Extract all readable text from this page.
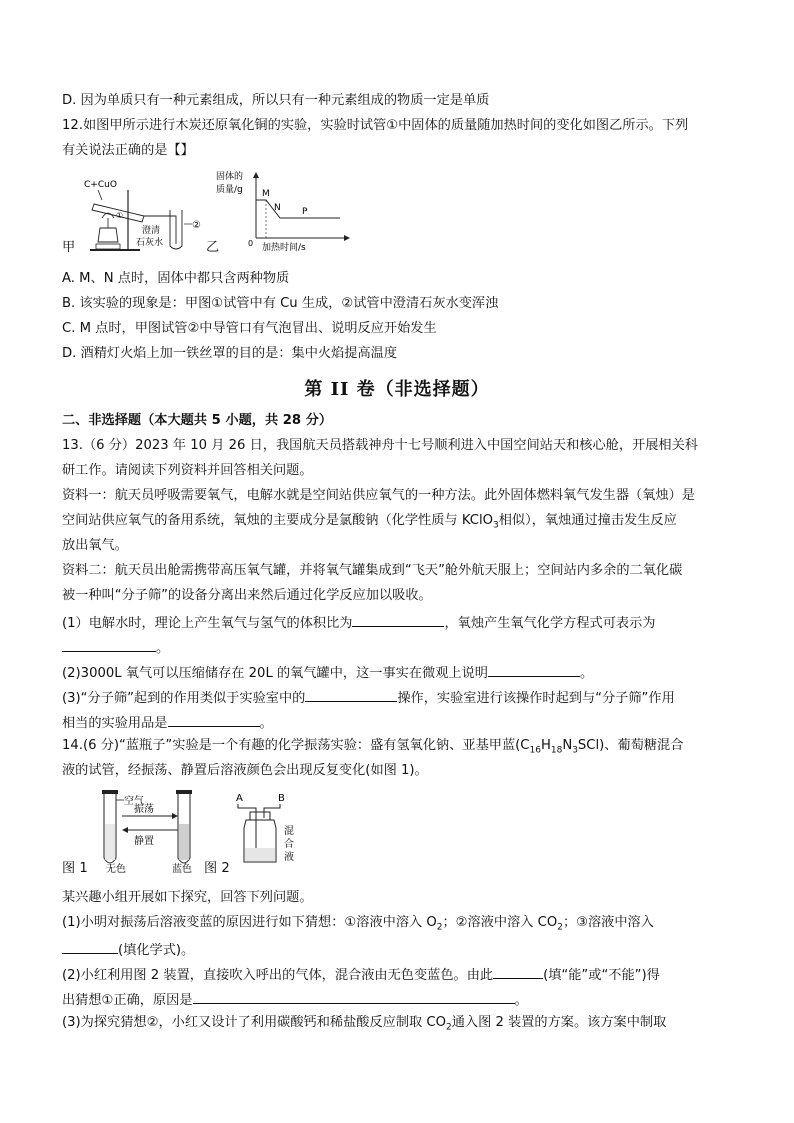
D. 因为单质只有一种元素组成，所以只有一种元素组成的物质一定是单质
12.如图甲所示进行木炭还原氧化铜的实验，实验时试管①中固体的质量随加热时间的变化如图乙所示。下列
有关说法正确的是【】
C+CuO
①
澄清
石灰水
②
甲
固体的
质量/g
0 加热时间/s
M
N P
乙
A. M、N 点时，固体中都只含两种物质
B. 该实验的现象是：甲图①试管中有 Cu 生成，②试管中澄清石灰水变浑浊
C. M 点时，甲图试管②中导管口有气泡冒出、说明反应开始发生
D. 酒精灯火焰上加一铁丝罩的目的是：集中火焰提高温度
第 II 卷（非选择题）
二、非选择题（本大题共 5 小题，共 28 分）
13.（6 分）2023 年 10 月 26 日，我国航天员搭载神舟十七号顺利进入中国空间站天和核心舱，开展相关科
研工作。请阅读下列资料并回答相关问题。
资料一：航天员呼吸需要氧气，电解水就是空间站供应氧气的一种方法。此外固体燃料氧气发生器（氧烛）是
空间站供应氧气的备用系统，氧烛的主要成分是氯酸钠（化学性质与 KClO$_3$相似），氧烛通过撞击发生反应
放出氧气。
资料二：航天员出舱需携带高压氧气罐，并将氧气罐集成到“飞天”舱外航天服上；空间站内多余的二氧化碳
被一种叫“分子筛”的设备分离出来然后通过化学反应加以吸收。
(1）电解水时，理论上产生氧气与氢气的体积比为	，氧烛产生氧气化学方程式可表示为
。
(2)3000L 氧气可以压缩储存在 20L 的氧气罐中，这一事实在微观上说明	。
(3)“分子筛”起到的作用类似于实验室中的	操作，实验室进行该操作时起到与“分子筛”作用
相当的实验用品是	。
14.(6 分)“蓝瓶子”实验是一个有趣的化学振荡实验：盛有氢氧化钠、亚基甲蓝$(C_{16}H_{18}N_3SCl)$、葡萄糖混合
液的试管，经振荡、静置后溶液颜色会出现反复变化(如图 1)。
空气
振荡
静置
无色	蓝色
图 1
A	B
混
合
液
图 2
某兴趣小组开展如下探究，回答下列问题。
(1)小明对振荡后溶液变蓝的原因进行如下猜想：①溶液中溶入 $O_2$；②溶液中溶入 $CO_2$；③溶液中溶入
(填化学式)。
(2)小红利用图 2 装置，直接吹入呼出的气体，混合液由无色变蓝色。由此	(填“能”或“不能”)得
出猜想①正确，原因是	。
(3)为探究猜想②，小红又设计了利用碳酸钙和稀盐酸反应制取 $CO_2$通入图 2 装置的方案。该方案中制取
